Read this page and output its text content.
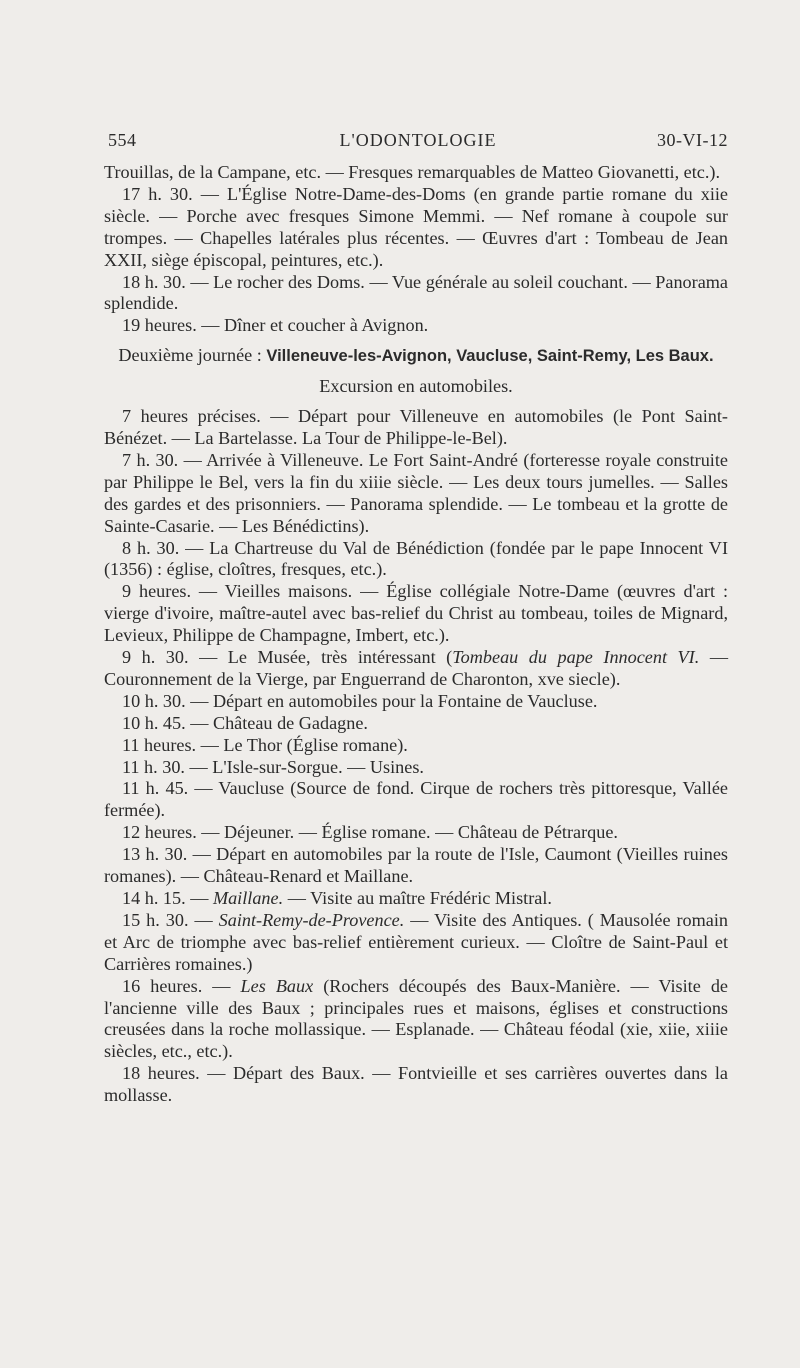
554	L'ODONTOLOGIE	30-VI-12

Trouillas, de la Campane, etc. — Fresques remarquables de Matteo Giovanetti, etc.).

17 h. 30. — L'Église Notre-Dame-des-Doms (en grande partie romane du xiie siècle. — Porche avec fresques Simone Memmi. — Nef romane à coupole sur trompes. — Chapelles latérales plus récentes. — Œuvres d'art : Tombeau de Jean XXII, siège épiscopal, peintures, etc.).

18 h. 30. — Le rocher des Doms. — Vue générale au soleil couchant. — Panorama splendide.

19 heures. — Dîner et coucher à Avignon.

Deuxième journée : Villeneuve-les-Avignon, Vaucluse, Saint-Remy, Les Baux.

Excursion en automobiles.

7 heures précises. — Départ pour Villeneuve en automobiles (le Pont Saint-Bénézet. — La Bartelasse. La Tour de Philippe-le-Bel).

7 h. 30. — Arrivée à Villeneuve. Le Fort Saint-André (forteresse royale construite par Philippe le Bel, vers la fin du xiiie siècle. — Les deux tours jumelles. — Salles des gardes et des prisonniers. — Panorama splendide. — Le tombeau et la grotte de Sainte-Casarie. — Les Bénédictins).

8 h. 30. — La Chartreuse du Val de Bénédiction (fondée par le pape Innocent VI (1356) : église, cloîtres, fresques, etc.).

9 heures. — Vieilles maisons. — Église collégiale Notre-Dame (œuvres d'art : vierge d'ivoire, maître-autel avec bas-relief du Christ au tombeau, toiles de Mignard, Levieux, Philippe de Champagne, Imbert, etc.).

9 h. 30. — Le Musée, très intéressant (Tombeau du pape Innocent VI. — Couronnement de la Vierge, par Enguerrand de Charonton, xve siecle).

10 h. 30. — Départ en automobiles pour la Fontaine de Vaucluse.

10 h. 45. — Château de Gadagne.

11 heures. — Le Thor (Église romane).

11 h. 30. — L'Isle-sur-Sorgue. — Usines.

11 h. 45. — Vaucluse (Source de fond. Cirque de rochers très pittoresque, Vallée fermée).

12 heures. — Déjeuner. — Église romane. — Château de Pétrarque.

13 h. 30. — Départ en automobiles par la route de l'Isle, Caumont (Vieilles ruines romanes). — Château-Renard et Maillane.

14 h. 15. — Maillane. — Visite au maître Frédéric Mistral.

15 h. 30. — Saint-Remy-de-Provence. — Visite des Antiques. ( Mausolée romain et Arc de triomphe avec bas-relief entièrement curieux. — Cloître de Saint-Paul et Carrières romaines.)

16 heures. — Les Baux (Rochers découpés des Baux-Manière. — Visite de l'ancienne ville des Baux ; principales rues et maisons, églises et constructions creusées dans la roche mollassique. — Esplanade. — Château féodal (xie, xiie, xiiie siècles, etc., etc.).

18 heures. — Départ des Baux. — Fontvieille et ses carrières ouvertes dans la mollasse.
